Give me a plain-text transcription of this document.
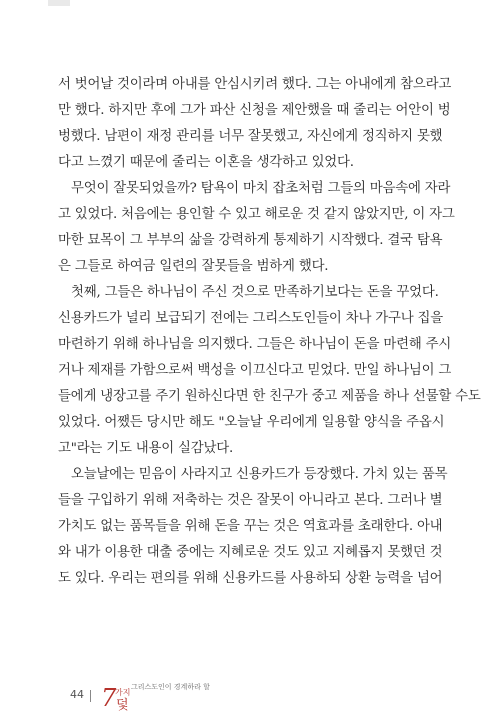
서 벗어날 것이라며 아내를 안심시키려 했다. 그는 아내에게 참으라고
만 했다. 하지만 후에 그가 파산 신청을 제안했을 때 줄리는 어안이 벙
벙했다. 남편이 재정 관리를 너무 잘못했고, 자신에게 정직하지 못했
다고 느꼈기 때문에 줄리는 이혼을 생각하고 있었다.
무엇이 잘못되었을까? 탐욕이 마치 잡초처럼 그들의 마음속에 자라
고 있었다. 처음에는 용인할 수 있고 해로운 것 같지 않았지만, 이 자그
마한 묘목이 그 부부의 삶을 강력하게 통제하기 시작했다. 결국 탐욕
은 그들로 하여금 일련의 잘못들을 범하게 했다.
첫째, 그들은 하나님이 주신 것으로 만족하기보다는 돈을 꾸었다.
신용카드가 널리 보급되기 전에는 그리스도인들이 차나 가구나 집을
마련하기 위해 하나님을 의지했다. 그들은 하나님이 돈을 마련해 주시
거나 제재를 가함으로써 백성을 이끄신다고 믿었다. 만일 하나님이 그
들에게 냉장고를 주기 원하신다면 한 친구가 중고 제품을 하나 선물할 수도
있었다. 어쨌든 당시만 해도 "오늘날 우리에게 일용할 양식을 주옵시
고"라는 기도 내용이 실감났다.
오늘날에는 믿음이 사라지고 신용카드가 등장했다. 가치 있는 품목
들을 구입하기 위해 저축하는 것은 잘못이 아니라고 본다. 그러나 별
가치도 없는 품목들을 위해 돈을 꾸는 것은 역효과를 초래한다. 아내
와 내가 이용한 대출 중에는 지혜로운 것도 있고 지혜롭지 못했던 것
도 있다. 우리는 편의를 위해 신용카드를 사용하되 상환 능력을 넘어
44 7
가지
덫
그리스도인이 경계하라 할
